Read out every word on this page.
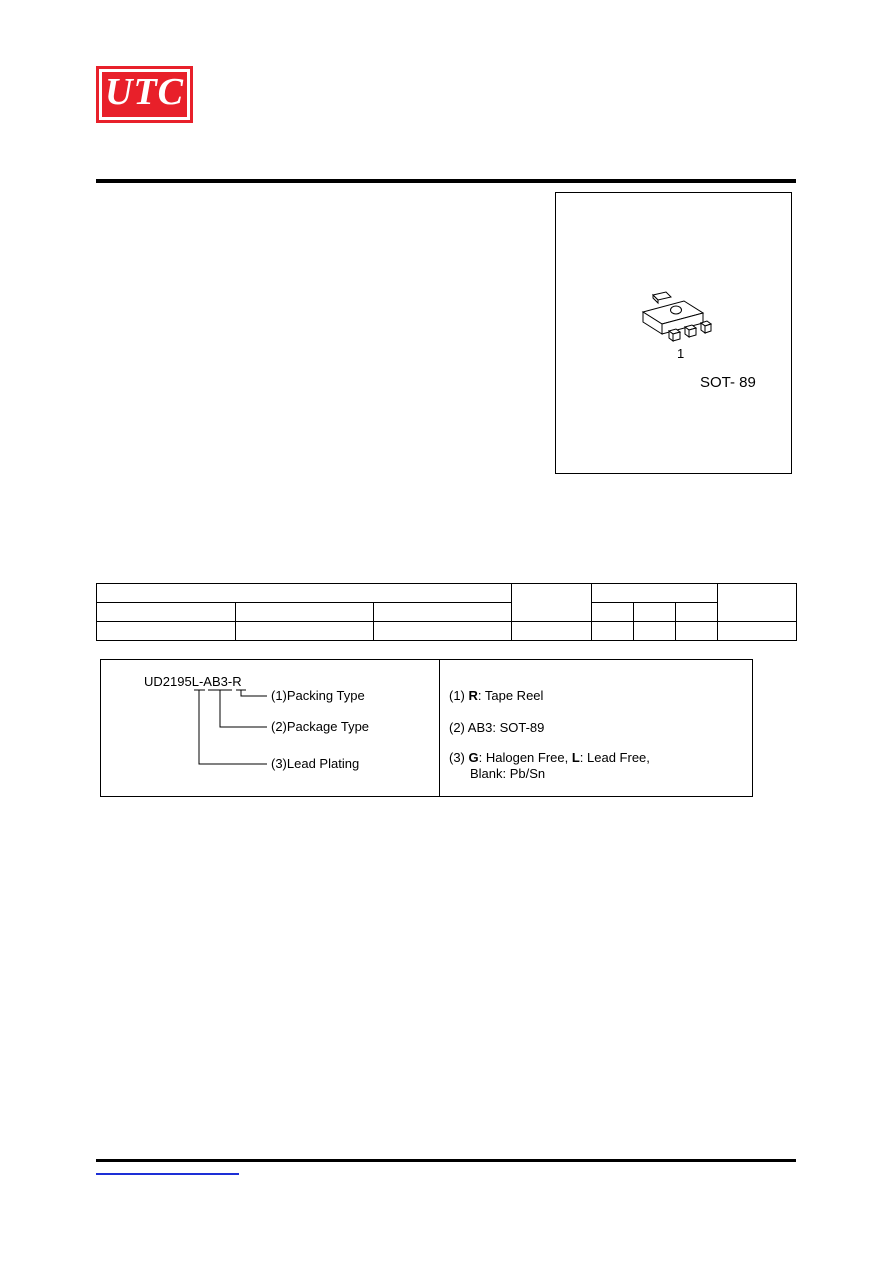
UTC
1
SOT- 89

UD2195L-AB3-R
(1)Packing Type
(2)Package Type
(3)Lead Plating
(1) R: Tape Reel
(2) AB3: SOT-89
(3) G: Halogen Free, L: Lead Free,
Blank: Pb/Sn
